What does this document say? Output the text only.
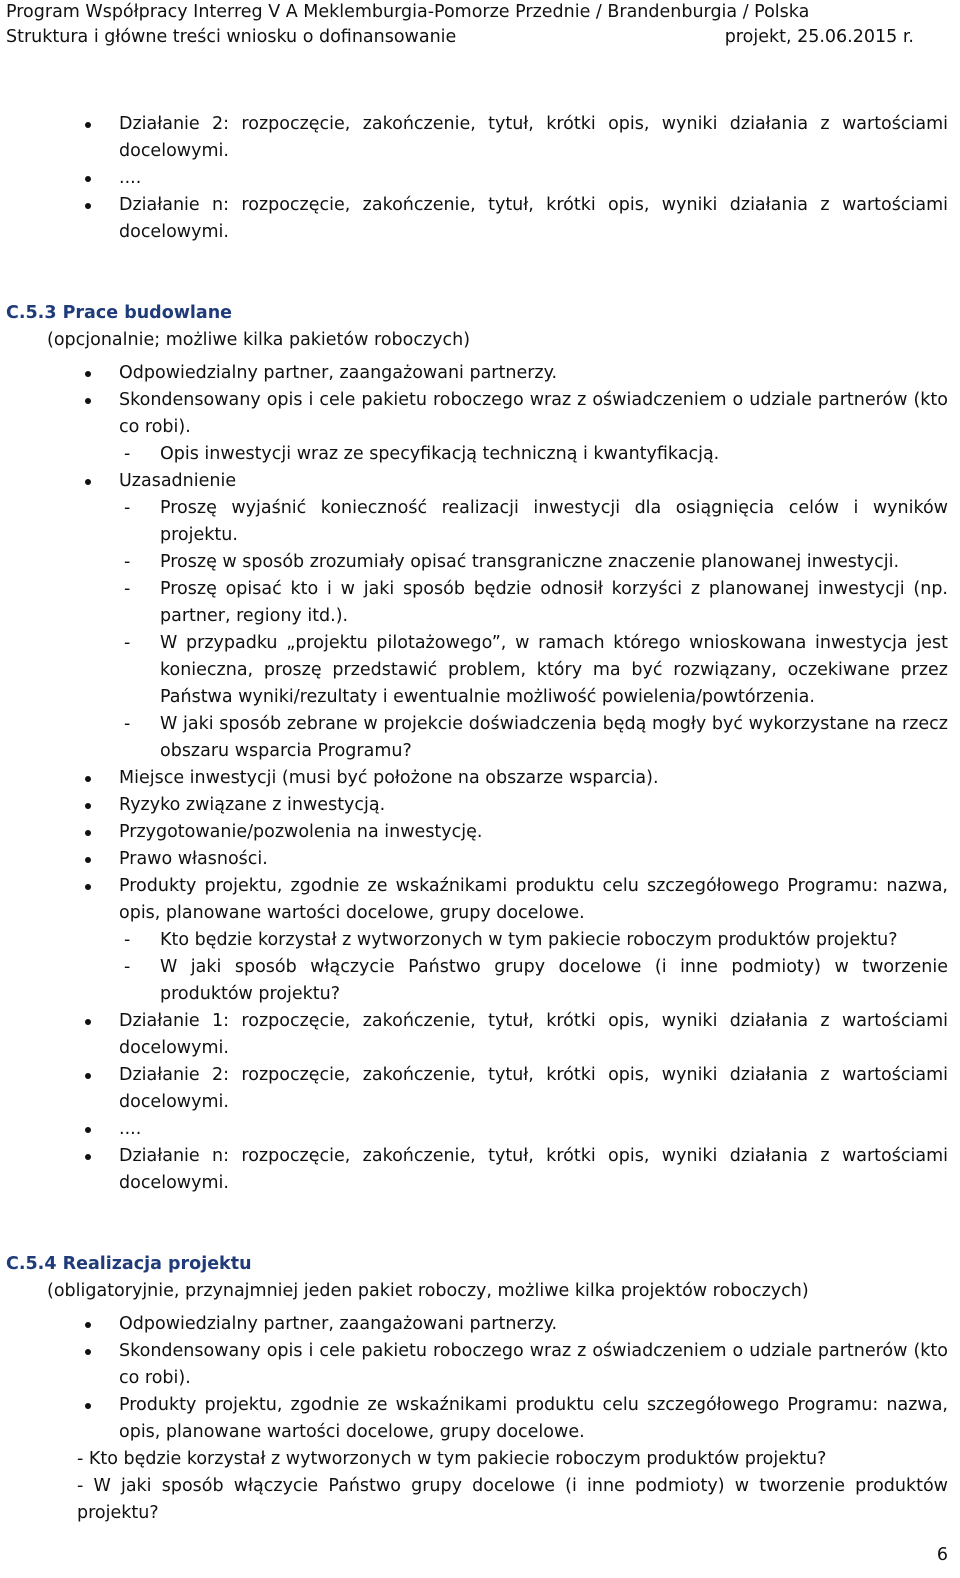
Program Współpracy Interreg V A Meklemburgia-Pomorze Przednie / Brandenburgia / Polska
Struktura i główne treści wniosku o dofinansowanie	projekt, 25.06.2015 r.
Działanie 2: rozpoczęcie, zakończenie, tytuł, krótki opis, wyniki działania z wartościami docelowymi.
....
Działanie n: rozpoczęcie, zakończenie, tytuł, krótki opis, wyniki działania z wartościami docelowymi.
C.5.3 Prace budowlane
(opcjonalnie; możliwe kilka pakietów roboczych)
Odpowiedzialny partner, zaangażowani partnerzy.
Skondensowany opis i cele pakietu roboczego wraz z oświadczeniem o udziale partnerów (kto co robi).
- Opis inwestycji wraz ze specyfikacją techniczną i kwantyfikacją.
Uzasadnienie
- Proszę wyjaśnić konieczność realizacji inwestycji dla osiągnięcia celów i wyników projektu.
- Proszę w sposób zrozumiały opisać transgraniczne znaczenie planowanej inwestycji.
- Proszę opisać kto i w jaki sposób będzie odnosił korzyści z planowanej inwestycji (np. partner, regiony itd.).
- W przypadku „projektu pilotażowego”, w ramach którego wnioskowana inwestycja jest konieczna, proszę przedstawić problem, który ma być rozwiązany, oczekiwane przez Państwa wyniki/rezultaty i ewentualnie możliwość powielenia/powtórzenia.
- W jaki sposób zebrane w projekcie doświadczenia będą mogły być wykorzystane na rzecz obszaru wsparcia Programu?
Miejsce inwestycji (musi być położone na obszarze wsparcia).
Ryzyko związane z inwestycją.
Przygotowanie/pozwolenia na inwestycję.
Prawo własności.
Produkty projektu, zgodnie ze wskaźnikami produktu celu szczegółowego Programu: nazwa, opis, planowane wartości docelowe, grupy docelowe.
- Kto będzie korzystał z wytworzonych w tym pakiecie roboczym produktów projektu?
- W jaki sposób włączycie Państwo grupy docelowe (i inne podmioty) w tworzenie produktów projektu?
Działanie 1: rozpoczęcie, zakończenie, tytuł, krótki opis, wyniki działania z wartościami docelowymi.
Działanie 2: rozpoczęcie, zakończenie, tytuł, krótki opis, wyniki działania z wartościami docelowymi.
....
Działanie n: rozpoczęcie, zakończenie, tytuł, krótki opis, wyniki działania z wartościami docelowymi.
C.5.4 Realizacja projektu
(obligatoryjnie, przynajmniej jeden pakiet roboczy, możliwe kilka projektów roboczych)
Odpowiedzialny partner, zaangażowani partnerzy.
Skondensowany opis i cele pakietu roboczego wraz z oświadczeniem o udziale partnerów (kto co robi).
Produkty projektu, zgodnie ze wskaźnikami produktu celu szczegółowego Programu: nazwa, opis, planowane wartości docelowe, grupy docelowe.
- Kto będzie korzystał z wytworzonych w tym pakiecie roboczym produktów projektu?
- W jaki sposób włączycie Państwo grupy docelowe (i inne podmioty) w tworzenie produktów projektu?
6
